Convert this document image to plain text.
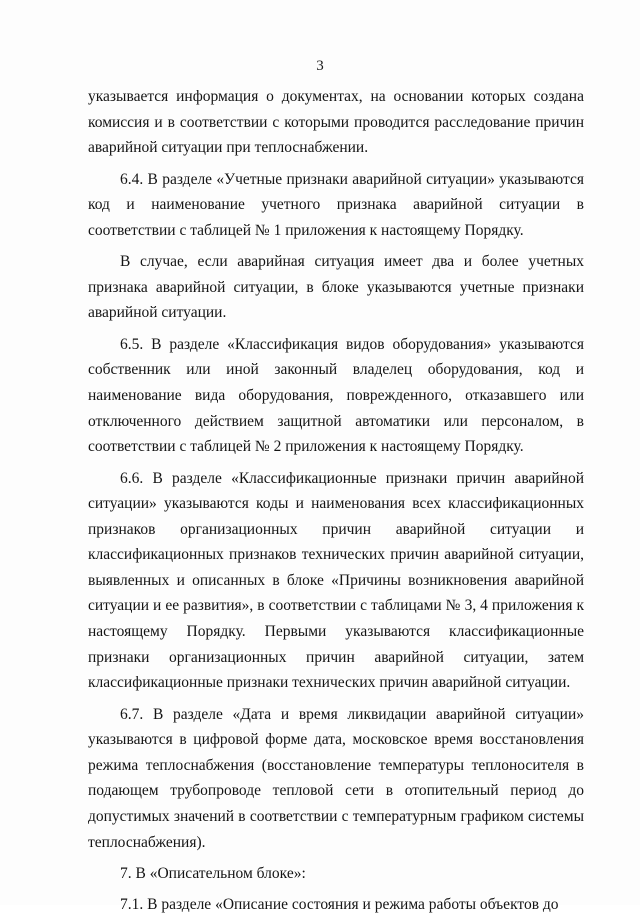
3

указывается информация о документах, на основании которых создана комиссия и в соответствии с которыми проводится расследование причин аварийной ситуации при теплоснабжении.

6.4. В разделе «Учетные признаки аварийной ситуации» указываются код и наименование учетного признака аварийной ситуации в соответствии с таблицей № 1 приложения к настоящему Порядку.

В случае, если аварийная ситуация имеет два и более учетных признака аварийной ситуации, в блоке указываются учетные признаки аварийной ситуации.

6.5. В разделе «Классификация видов оборудования» указываются собственник или иной законный владелец оборудования, код и наименование вида оборудования, поврежденного, отказавшего или отключенного действием защитной автоматики или персоналом, в соответствии с таблицей № 2 приложения к настоящему Порядку.

6.6. В разделе «Классификационные признаки причин аварийной ситуации» указываются коды и наименования всех классификационных признаков организационных причин аварийной ситуации и классификационных признаков технических причин аварийной ситуации, выявленных и описанных в блоке «Причины возникновения аварийной ситуации и ее развития», в соответствии с таблицами № 3, 4 приложения к настоящему Порядку. Первыми указываются классификационные признаки организационных причин аварийной ситуации, затем классификационные признаки технических причин аварийной ситуации.

6.7. В разделе «Дата и время ликвидации аварийной ситуации» указываются в цифровой форме дата, московское время восстановления режима теплоснабжения (восстановление температуры теплоносителя в подающем трубопроводе тепловой сети в отопительный период до допустимых значений в соответствии с температурным графиком системы теплоснабжения).

7. В «Описательном блоке»:

7.1. В разделе «Описание состояния и режима работы объектов до
